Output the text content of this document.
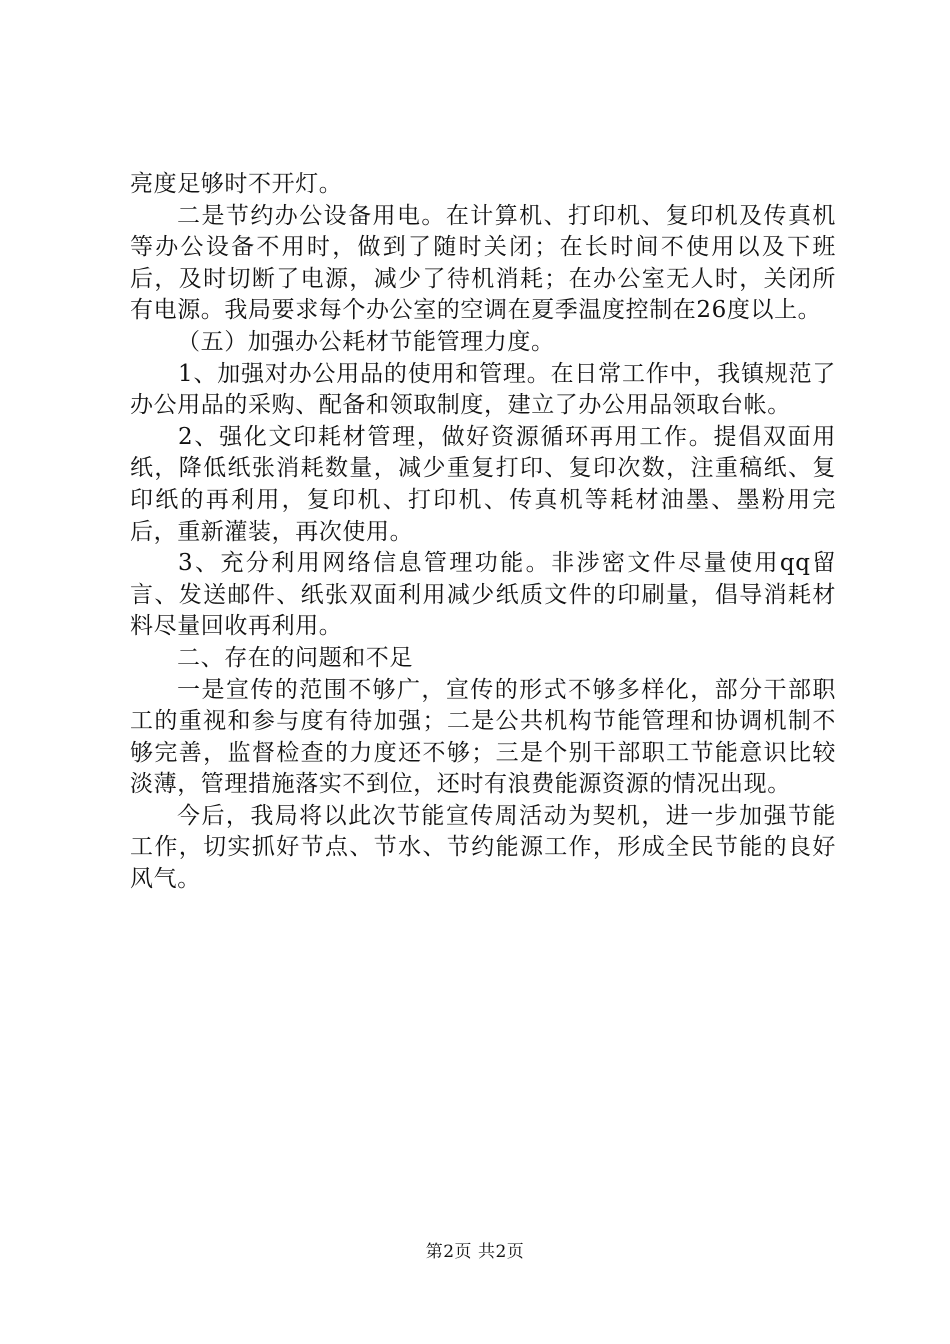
亮度足够时不开灯。

二是节约办公设备用电。在计算机、打印机、复印机及传真机等办公设备不用时，做到了随时关闭；在长时间不使用以及下班后，及时切断了电源，减少了待机消耗；在办公室无人时，关闭所有电源。我局要求每个办公室的空调在夏季温度控制在26度以上。

（五）加强办公耗材节能管理力度。

1、加强对办公用品的使用和管理。在日常工作中，我镇规范了办公用品的采购、配备和领取制度，建立了办公用品领取台帐。

2、强化文印耗材管理，做好资源循环再用工作。提倡双面用纸，降低纸张消耗数量，减少重复打印、复印次数，注重稿纸、复印纸的再利用，复印机、打印机、传真机等耗材油墨、墨粉用完后，重新灌装，再次使用。

3、充分利用网络信息管理功能。非涉密文件尽量使用qq留言、发送邮件、纸张双面利用减少纸质文件的印刷量，倡导消耗材料尽量回收再利用。

二、存在的问题和不足

一是宣传的范围不够广，宣传的形式不够多样化，部分干部职工的重视和参与度有待加强；二是公共机构节能管理和协调机制不够完善，监督检查的力度还不够；三是个别干部职工节能意识比较淡薄，管理措施落实不到位，还时有浪费能源资源的情况出现。

今后，我局将以此次节能宣传周活动为契机，进一步加强节能工作，切实抓好节点、节水、节约能源工作，形成全民节能的良好风气。

第2页 共2页
